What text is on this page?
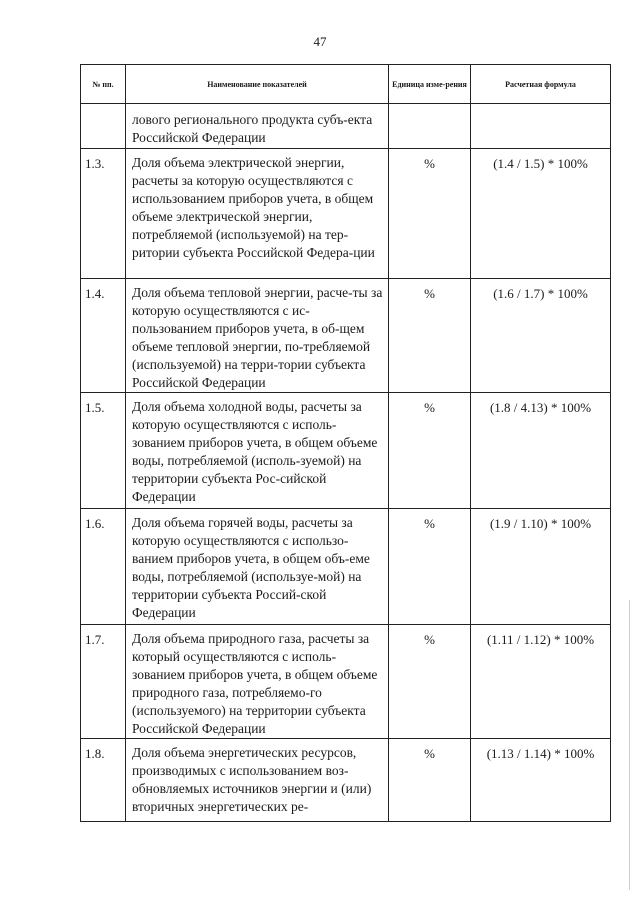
47
№ пп.	Наименование показателей	Единица изме-рения	Расчетная формула

	лового регионального продукта субъ-екта Российской Федерации		

1.3.	Доля объема электрической энергии, расчеты за которую осуществляются с использованием приборов учета, в общем объеме электрической энергии, потребляемой (используемой) на тер-ритории субъекта Российской Федера-ции	%	(1.4 / 1.5) * 100%

1.4.	Доля объема тепловой энергии, расче-ты за которую осуществляются с ис-пользованием приборов учета, в об-щем объеме тепловой энергии, по-требляемой (используемой) на терри-тории субъекта Российской Федерации	%	(1.6 / 1.7) * 100%

1.5.	Доля объема холодной воды, расчеты за которую осуществляются с исполь-зованием приборов учета, в общем объеме воды, потребляемой (исполь-зуемой) на территории субъекта Рос-сийской Федерации	%	(1.8 / 4.13) * 100%

1.6.	Доля объема горячей воды, расчеты за которую осуществляются с использо-ванием приборов учета, в общем объ-еме воды, потребляемой (используе-мой) на территории субъекта Россий-ской Федерации	%	(1.9 / 1.10) * 100%

1.7.	Доля объема природного газа, расчеты за который осуществляются с исполь-зованием приборов учета, в общем объеме природного газа, потребляемо-го (используемого) на территории субъекта Российской Федерации	%	(1.11 / 1.12) * 100%

1.8.	Доля объема энергетических ресурсов, производимых с использованием воз-обновляемых источников энергии и (или) вторичных энергетических ре-	%	(1.13 / 1.14) * 100%
